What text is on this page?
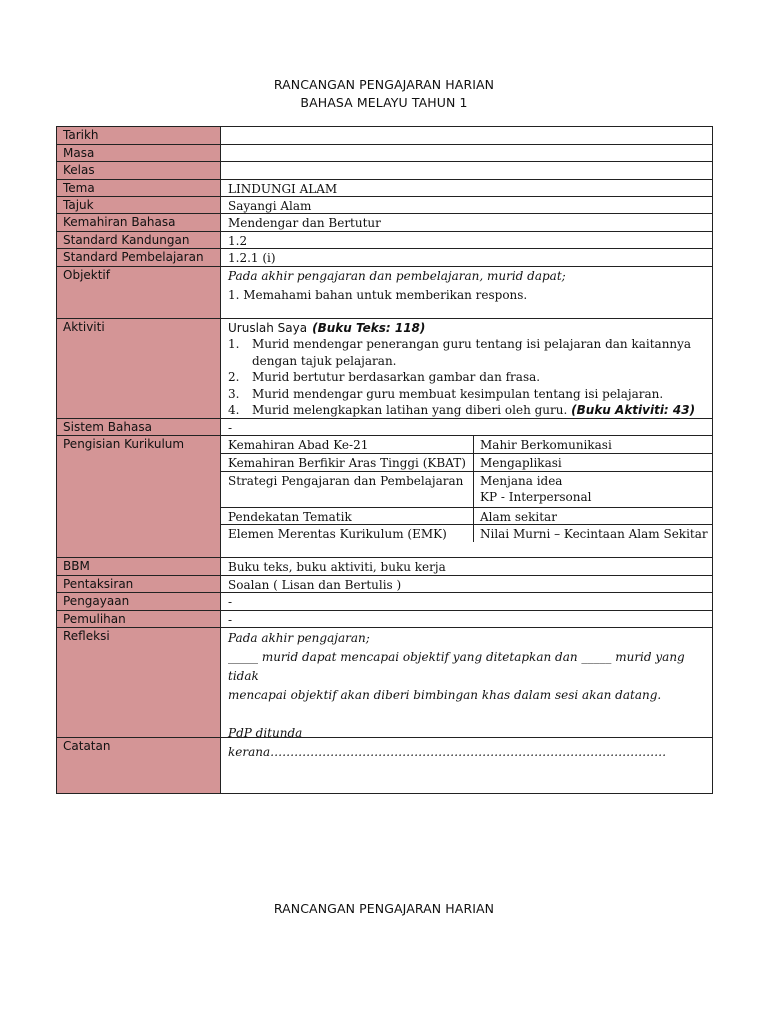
RANCANGAN PENGAJARAN HARIAN
BAHASA MELAYU TAHUN 1
Tarikh
Masa
Kelas
Tema	LINDUNGI ALAM
Tajuk	Sayangi Alam
Kemahiran Bahasa	Mendengar dan Bertutur
Standard Kandungan	1.2
Standard Pembelajaran	1.2.1 (i)
Objektif	Pada akhir pengajaran dan pembelajaran, murid dapat;
1. Memahami bahan untuk memberikan respons.
Aktiviti	Uruslah Saya (Buku Teks: 118)
1.	Murid mendengar penerangan guru tentang isi pelajaran dan kaitannya dengan tajuk pelajaran.
2.	Murid bertutur berdasarkan gambar dan frasa.
3.	Murid mendengar guru membuat kesimpulan tentang isi pelajaran.
4.	Murid melengkapkan latihan yang diberi oleh guru. (Buku Aktiviti: 43)
Sistem Bahasa	-
Pengisian Kurikulum	Kemahiran Abad Ke-21	Mahir Berkomunikasi
Kemahiran Berfikir Aras Tinggi (KBAT)	Mengaplikasi
Strategi Pengajaran dan Pembelajaran	Menjana idea
KP - Interpersonal
Pendekatan Tematik	Alam sekitar
Elemen Merentas Kurikulum (EMK)	Nilai Murni – Kecintaan Alam Sekitar
BBM	Buku teks, buku aktiviti, buku kerja
Pentaksiran	Soalan ( Lisan dan Bertulis )
Pengayaan	-
Pemulihan	-
Refleksi	Pada akhir pengajaran;

_____ murid dapat mencapai objektif yang ditetapkan dan _____ murid yang tidak

mencapai objektif akan diberi bimbingan khas dalam sesi akan datang.

PdP ditunda kerana………………………………………………………………………………………

Catatan
RANCANGAN PENGAJARAN HARIAN
